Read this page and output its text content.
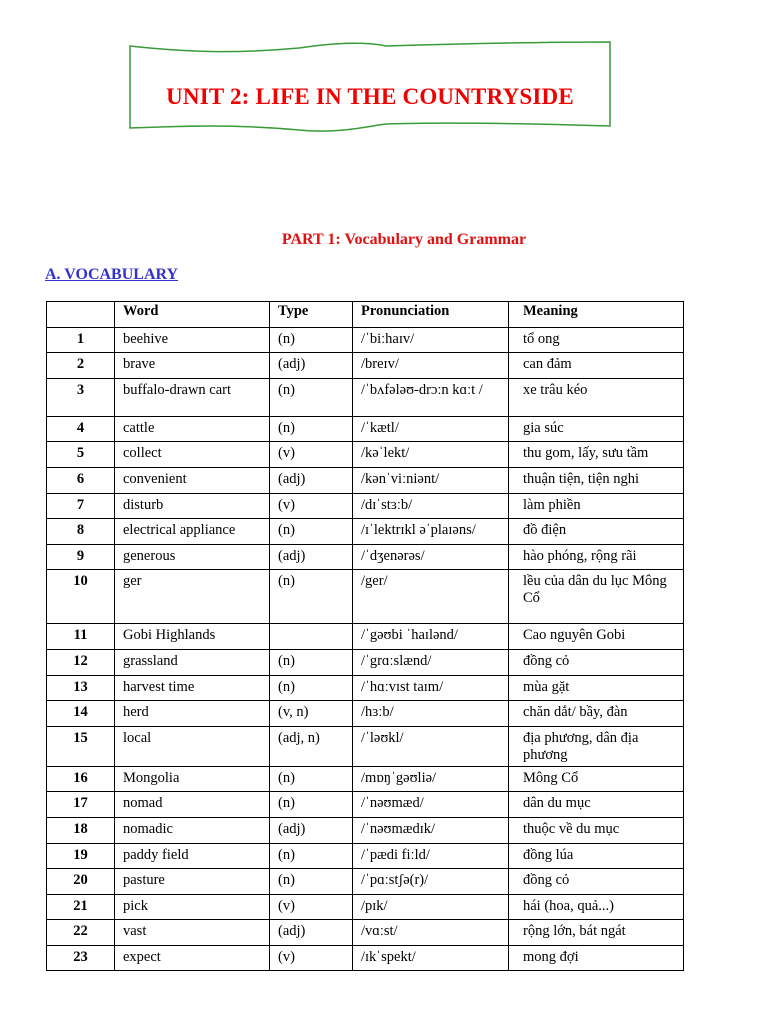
UNIT 2: LIFE IN THE COUNTRYSIDE
PART 1: Vocabulary and Grammar
A. VOCABULARY
	Word	Type	Pronunciation	Meaning
1	beehive	(n)	/ˈbiːhaɪv/	tổ ong
2	brave	(adj)	/breɪv/	can đảm
3	buffalo-drawn cart	(n)	/ˈbʌfələʊ-drɔːn kɑːt /	xe trâu kéo
4	cattle	(n)	/ˈkætl/	gia súc
5	collect	(v)	/kəˈlekt/	thu gom, lấy, sưu tầm
6	convenient	(adj)	/kənˈviːniənt/	thuận tiện, tiện nghi
7	disturb	(v)	/dɪˈstɜːb/	làm phiền
8	electrical appliance	(n)	/ɪˈlektrɪkl əˈplaɪəns/	đồ điện
9	generous	(adj)	/ˈdʒenərəs/	hào phóng, rộng rãi
10	ger	(n)	/ger/	lều của dân du lục Mông Cổ
11	Gobi Highlands		/ˈgəʊbi ˈhaɪlənd/	Cao nguyên Gobi
12	grassland	(n)	/ˈgrɑːslænd/	đồng cỏ
13	harvest time	(n)	/ˈhɑːvɪst taɪm/	mùa gặt
14	herd	(v, n)	/hɜːb/	chăn dắt/ bầy, đàn
15	local	(adj, n)	/ˈləʊkl/	địa phương, dân địa phương
16	Mongolia	(n)	/mɒŋˈgəʊliə/	Mông Cổ
17	nomad	(n)	/ˈnəʊmæd/	dân du mục
18	nomadic	(adj)	/ˈnəʊmædɪk/	thuộc về du mục
19	paddy field	(n)	/ˈpædi fiːld/	đồng lúa
20	pasture	(n)	/ˈpɑːstʃə(r)/	đồng cỏ
21	pick	(v)	/pɪk/	hái (hoa, quả...)
22	vast	(adj)	/vɑːst/	rộng lớn, bát ngát
23	expect	(v)	/ɪkˈspekt/	mong đợi
